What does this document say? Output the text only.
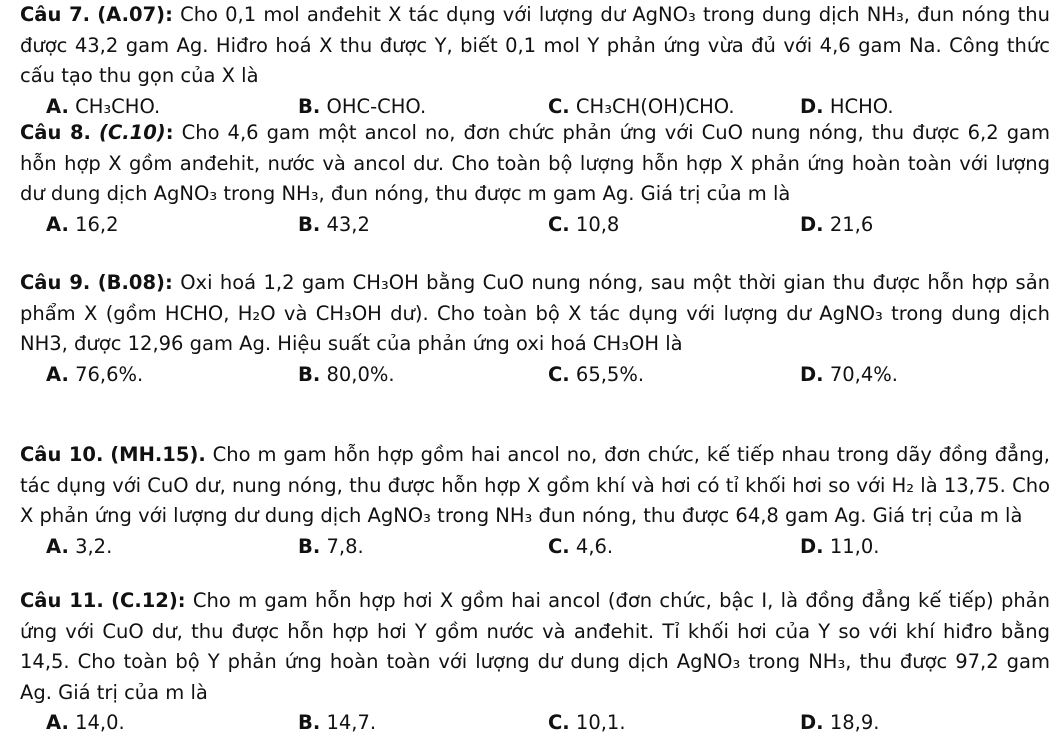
Câu 7. (A.07): Cho 0,1 mol anđehit X tác dụng với lượng dư AgNO₃ trong dung dịch NH₃, đun nóng thu được 43,2 gam Ag. Hiđro hoá X thu được Y, biết 0,1 mol Y phản ứng vừa đủ với 4,6 gam Na. Công thức cấu tạo thu gọn của X là
A. CH₃CHO.	B. OHC-CHO.	C. CH₃CH(OH)CHO.	D. HCHO.
Câu 8. (C.10): Cho 4,6 gam một ancol no, đơn chức phản ứng với CuO nung nóng, thu được 6,2 gam hỗn hợp X gồm anđehit, nước và ancol dư. Cho toàn bộ lượng hỗn hợp X phản ứng hoàn toàn với lượng dư dung dịch AgNO₃ trong NH₃, đun nóng, thu được m gam Ag. Giá trị của m là
A. 16,2	B. 43,2	C. 10,8	D. 21,6
Câu 9. (B.08): Oxi hoá 1,2 gam CH₃OH bằng CuO nung nóng, sau một thời gian thu được hỗn hợp sản phẩm X (gồm HCHO, H₂O và CH₃OH dư). Cho toàn bộ X tác dụng với lượng dư AgNO₃ trong dung dịch NH3, được 12,96 gam Ag. Hiệu suất của phản ứng oxi hoá CH₃OH là
A. 76,6%.	B. 80,0%.	C. 65,5%.	D. 70,4%.
Câu 10. (MH.15). Cho m gam hỗn hợp gồm hai ancol no, đơn chức, kế tiếp nhau trong dãy đồng đẳng, tác dụng với CuO dư, nung nóng, thu được hỗn hợp X gồm khí và hơi có tỉ khối hơi so với H₂ là 13,75. Cho X phản ứng với lượng dư dung dịch AgNO₃ trong NH₃ đun nóng, thu được 64,8 gam Ag. Giá trị của m là
A. 3,2.	B. 7,8.	C. 4,6.	D. 11,0.
Câu 11. (C.12): Cho m gam hỗn hợp hơi X gồm hai ancol (đơn chức, bậc I, là đồng đẳng kế tiếp) phản ứng với CuO dư, thu được hỗn hợp hơi Y gồm nước và anđehit. Tỉ khối hơi của Y so với khí hiđro bằng 14,5. Cho toàn bộ Y phản ứng hoàn toàn với lượng dư dung dịch AgNO₃ trong NH₃, thu được 97,2 gam Ag. Giá trị của m là
A. 14,0.	B. 14,7.	C. 10,1.	D. 18,9.
